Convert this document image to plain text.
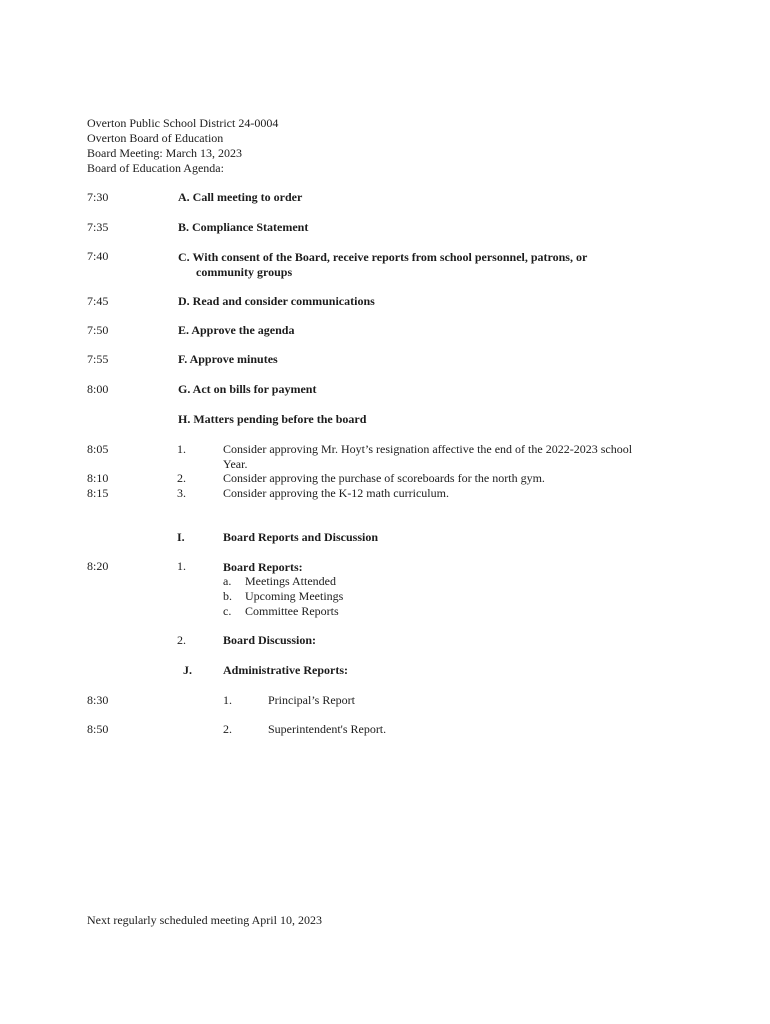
Overton Public School District 24-0004
Overton Board of Education
Board Meeting: March 13, 2023
Board of Education Agenda:
7:30	A. Call meeting to order
7:35	B. Compliance Statement
7:40	C. With consent of the Board, receive reports from school personnel, patrons, or
community groups
7:45	D. Read and consider communications
7:50	E. Approve the agenda
7:55	F. Approve minutes
8:00	G. Act on bills for payment
H. Matters pending before the board
8:05	1.	Consider approving Mr. Hoyt’s resignation affective the end of the 2022-2023 school
Year.
8:10	2.	Consider approving the purchase of scoreboards for the north gym.
8:15	3.	Consider approving the K-12 math curriculum.
I.	Board Reports and Discussion
8:20	1.	Board Reports:
a. Meetings Attended
b. Upcoming Meetings
c. Committee Reports
2.	Board Discussion:
J.	Administrative Reports:
8:30	1.	Principal’s Report
8:50	2.	Superintendent's Report.
Next regularly scheduled meeting April 10, 2023
